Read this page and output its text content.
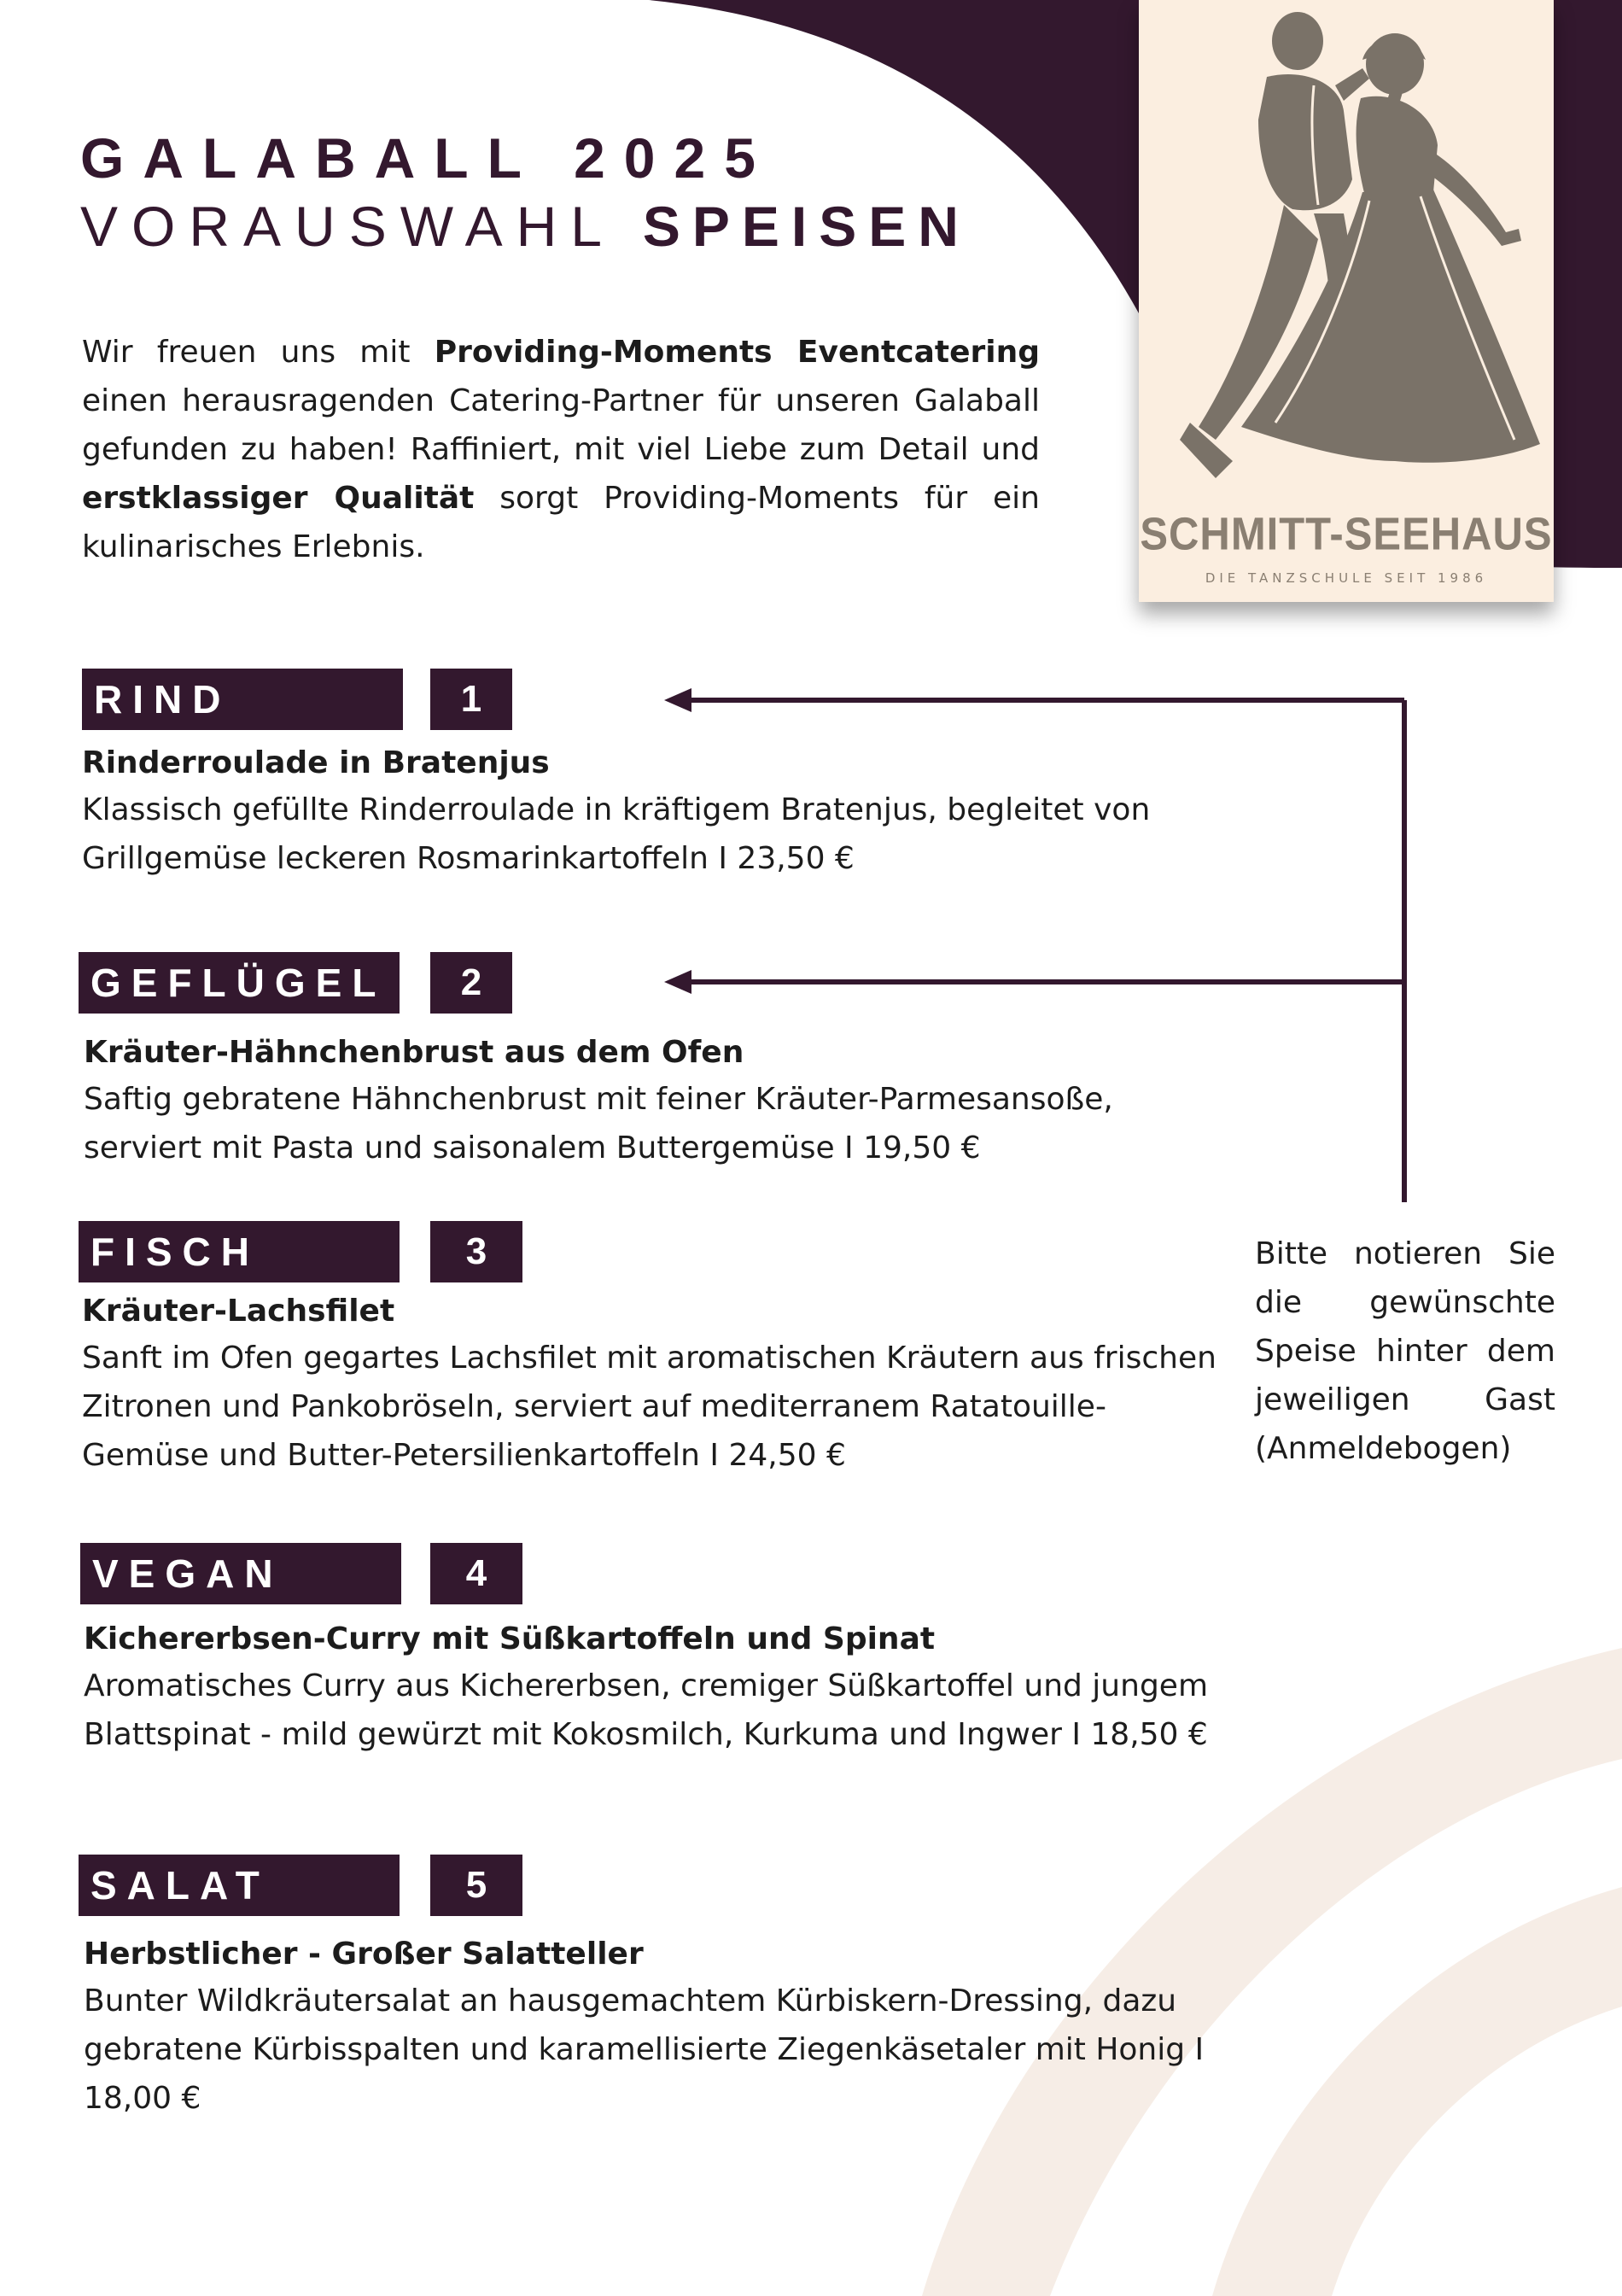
GALABALL 2025
VORAUSWAHL SPEISEN
Wir freuen uns mit Providing-Moments Eventcatering einen herausragenden Catering-Partner für unseren Galaball gefunden zu haben! Raffiniert, mit viel Liebe zum Detail und erstklassiger Qualität sorgt Providing-Moments für ein kulinarisches Erlebnis.	SCHMITT-SEEHAUS
DIE TANZSCHULE SEIT 1986
RIND	1
Rinderroulade in Bratenjus
Klassisch gefüllte Rinderroulade in kräftigem Bratenjus, begleitet von Grillgemüse leckeren Rosmarinkartoffeln I 23,50 €
GEFLÜGEL	2
Kräuter-Hähnchenbrust aus dem Ofen
Saftig gebratene Hähnchenbrust mit feiner Kräuter-Parmesansoße, serviert mit Pasta und saisonalem Buttergemüse I 19,50 €
FISCH	3
Kräuter-Lachsfilet
Sanft im Ofen gegartes Lachsfilet mit aromatischen Kräutern aus frischen Zitronen und Pankobröseln, serviert auf mediterranem Ratatouille-Gemüse und Butter-Petersilienkartoffeln I 24,50 €
VEGAN	4
Kichererbsen-Curry mit Süßkartoffeln und Spinat
Aromatisches Curry aus Kichererbsen, cremiger Süßkartoffel und jungem Blattspinat - mild gewürzt mit Kokosmilch, Kurkuma und Ingwer I 18,50 €
SALAT	5
Herbstlicher - Großer Salatteller
Bunter Wildkräutersalat an hausgemachtem Kürbiskern-Dressing, dazu gebratene Kürbisspalten und karamellisierte Ziegenkäsetaler mit Honig I 18,00 €
Bitte notieren Sie die gewünschte Speise hinter dem jeweiligen Gast (Anmeldebogen)
